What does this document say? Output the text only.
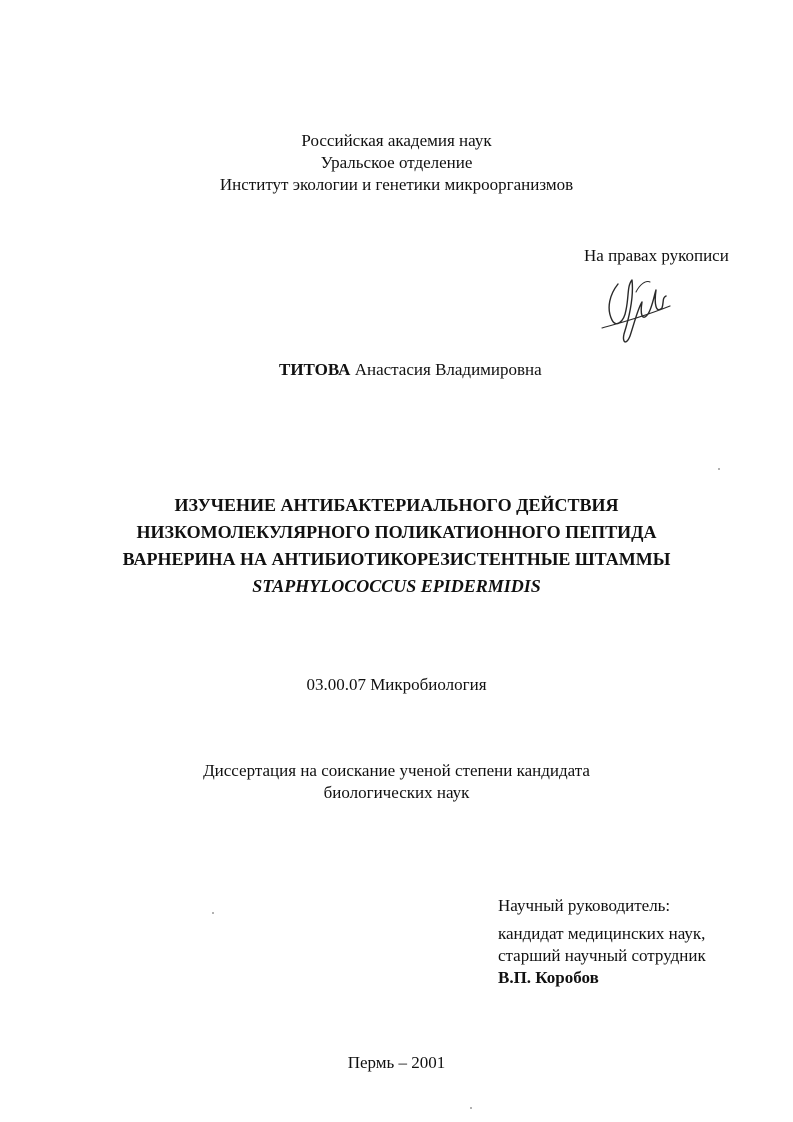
Российская академия наук
Уральское отделение
Институт экологии и генетики микроорганизмов
На правах рукописи
ТИТОВА Анастасия Владимировна
ИЗУЧЕНИЕ АНТИБАКТЕРИАЛЬНОГО ДЕЙСТВИЯ
НИЗКОМОЛЕКУЛЯРНОГО ПОЛИКАТИОННОГО ПЕПТИДА
ВАРНЕРИНА НА АНТИБИОТИКОРЕЗИСТЕНТНЫЕ ШТАММЫ
STAPHYLOCOCCUS EPIDERMIDIS
03.00.07 Микробиология
Диссертация на соискание ученой степени кандидата
биологических наук
Научный руководитель:
кандидат медицинских наук,
старший научный сотрудник
В.П. Коробов
Пермь – 2001
